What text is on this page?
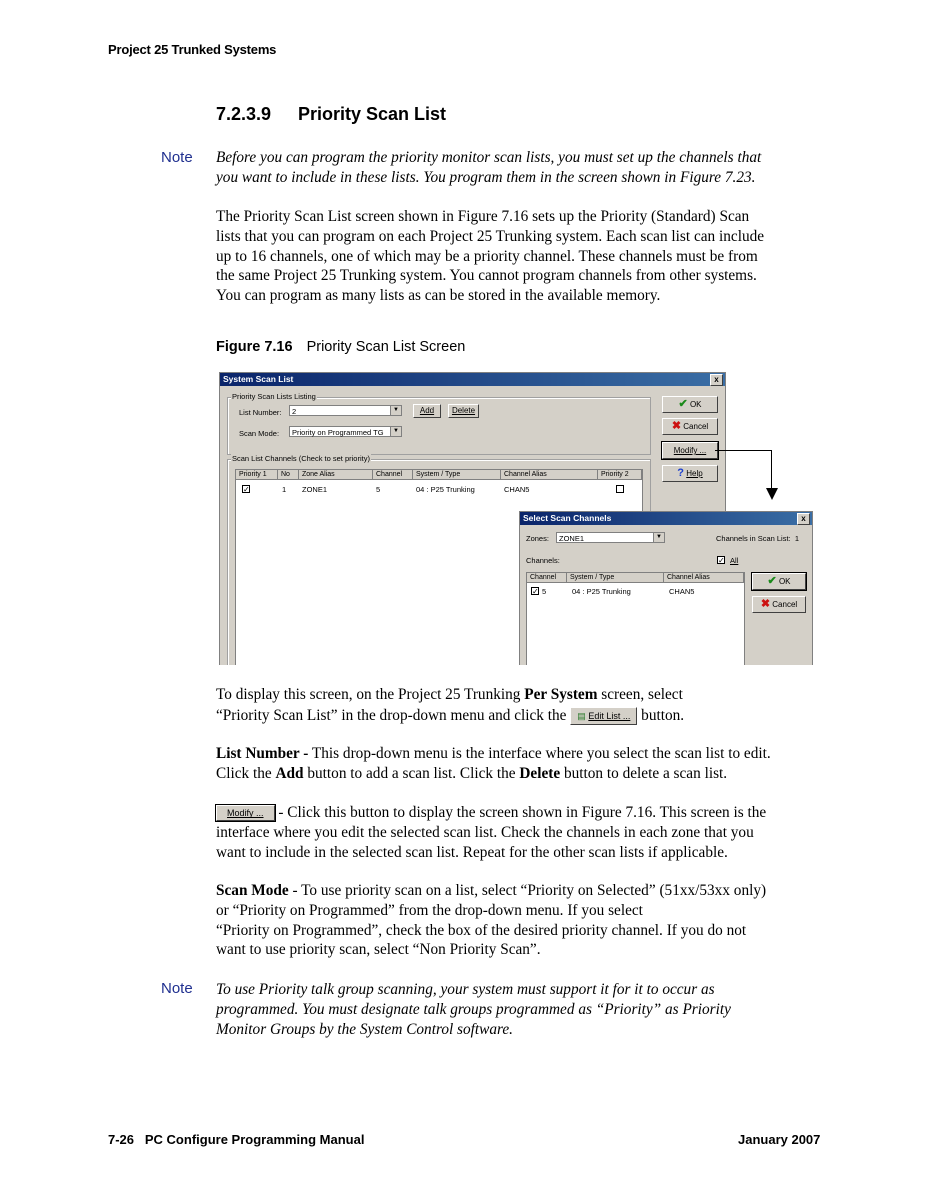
Project 25 Trunked Systems
7.2.3.9 Priority Scan List
Note Before you can program the priority monitor scan lists, you must set up the channels that
you want to include in these lists. You program them in the screen shown in Figure 7.23.
The Priority Scan List screen shown in Figure 7.16 sets up the Priority (Standard) Scan
lists that you can program on each Project 25 Trunking system. Each scan list can include
up to 16 channels, one of which may be a priority channel. These channels must be from
the same Project 25 Trunking system. You cannot program channels from other systems.
You can program as many lists as can be stored in the available memory.
Figure 7.16 Priority Scan List Screen
System Scan List	x
Priority Scan Lists Listing
List Number:	2	▼	Add	Delete
Scan Mode:	Priority on Programmed TG	▼
Scan List Channels (Check to set priority)
Priority 1	No	Zone Alias	Channel	System / Type	Channel Alias	Priority 2
✓	1 ZONE1	5	04 : P25 Trunking	CHAN5
✔ OK
✖ Cancel
Modify ...
? Help
Select Scan Channels	x
Zones:	ZONE1	▼	Channels in Scan List: 1
Channels:	✓ All
Channel	System / Type	Channel Alias
✓ 5	04 : P25 Trunking	CHAN5
✔ OK
✖ Cancel
To display this screen, on the Project 25 Trunking Per System screen, select
“Priority Scan List” in the drop-down menu and click the ▤ Edit List ... button.
List Number - This drop-down menu is the interface where you select the scan list to edit.
Click the Add button to add a scan list. Click the Delete button to delete a scan list.
Modify ... - Click this button to display the screen shown in Figure 7.16. This screen is the
interface where you edit the selected scan list. Check the channels in each zone that you
want to include in the selected scan list. Repeat for the other scan lists if applicable.
Scan Mode - To use priority scan on a list, select “Priority on Selected” (51xx/53xx only)
or “Priority on Programmed” from the drop-down menu. If you select
“Priority on Programmed”, check the box of the desired priority channel. If you do not
want to use priority scan, select “Non Priority Scan”.
Note To use Priority talk group scanning, your system must support it for it to occur as
programmed. You must designate talk groups programmed as “Priority” as Priority
Monitor Groups by the System Control software.
7-26 PC Configure Programming Manual	January 2007
